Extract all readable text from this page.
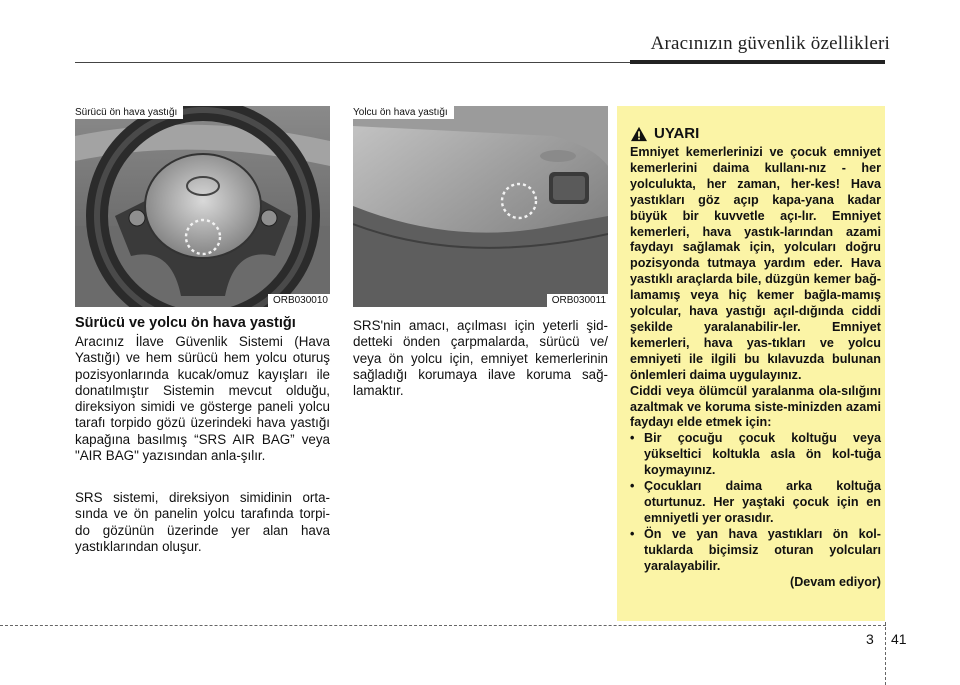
Aracınızın güvenlik özellikleri
Sürücü ön hava yastığı
ORB030010
Yolcu ön hava yastığı
ORB030011
Sürücü ve yolcu ön hava yastığı
Aracınız İlave Güvenlik Sistemi (Hava Yastığı) ve hem sürücü hem yolcu oturuş pozisyonlarında kucak/omuz kayışları ile donatılmıştır Sistemin mevcut olduğu, direksiyon simidi ve gösterge paneli yolcu tarafı torpido gözü üzerindeki hava yastığı kapağına basılmış “SRS AIR BAG” veya "AIR BAG" yazısından anla-şılır.
SRS sistemi, direksiyon simidinin orta-sında ve ön panelin yolcu tarafında torpi-do gözünün üzerinde yer alan hava yastıklarından oluşur.
SRS'nin amacı, açılması için yeterli şid-detteki önden çarpmalarda, sürücü ve/ veya ön yolcu için, emniyet kemerlerinin sağladığı korumaya ilave koruma sağ-lamaktır.
UYARI
Emniyet kemerlerinizi ve çocuk emniyet kemerlerini daima kullanı-nız - her yolculukta, her zaman, her-kes! Hava yastıkları göz açıp kapa-yana kadar büyük bir kuvvetle açı-lır. Emniyet kemerleri, hava yastık-larından azami faydayı sağlamak için, yolcuları doğru pozisyonda tutmaya yardım eder. Hava yastıklı araçlarda bile, düzgün kemer bağ-lamamış veya hiç kemer bağla-mamış yolcular, hava yastığı açıl-dığında ciddi şekilde yaralanabilir-ler. Emniyet kemerleri, hava yas-tıkları ve yolcu emniyeti ile ilgili bu kılavuzda bulunan önlemleri daima uygulayınız.
Ciddi veya ölümcül yaralanma ola-sılığını azaltmak ve koruma siste-minizden azami faydayı elde etmek için:
• Bir çocuğu çocuk koltuğu veya yükseltici koltukla asla ön kol-tuğa koymayınız.
• Çocukları daima arka koltuğa oturtunuz. Her yaştaki çocuk için en emniyetli yer orasıdır.
• Ön ve yan hava yastıkları ön kol-tuklarda biçimsiz oturan yolcuları yaralayabilir.
(Devam ediyor)
3 41
